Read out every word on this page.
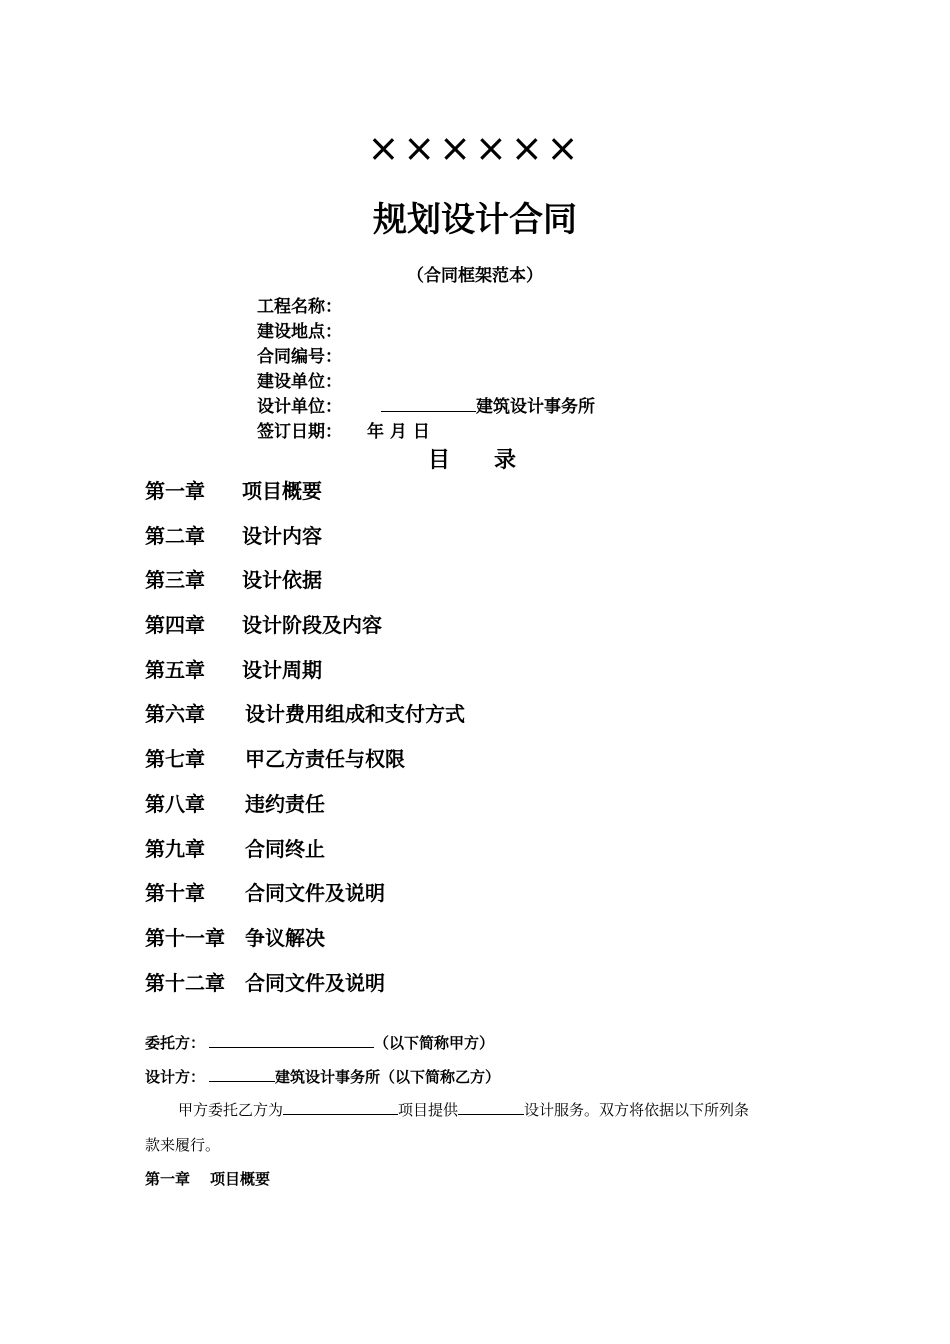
××××××
规划设计合同
（合同框架范本）
工程名称：
建设地点：
合同编号：
建设单位：
设计单位：	建筑设计事务所
签订日期： 年 月 日
目录
第一章 项目概要
第二章 设计内容
第三章 设计依据
第四章 设计阶段及内容
第五章 设计周期
第六章 设计费用组成和支付方式
第七章 甲乙方责任与权限
第八章 违约责任
第九章 合同终止
第十章 合同文件及说明
第十一章 争议解决
第十二章 合同文件及说明
委托方：	（以下简称甲方）
设计方：	建筑设计事务所（以下简称乙方）
甲方委托乙方为	项目提供	设计服务。双方将依据以下所列条
款来履行。
第一章 项目概要
